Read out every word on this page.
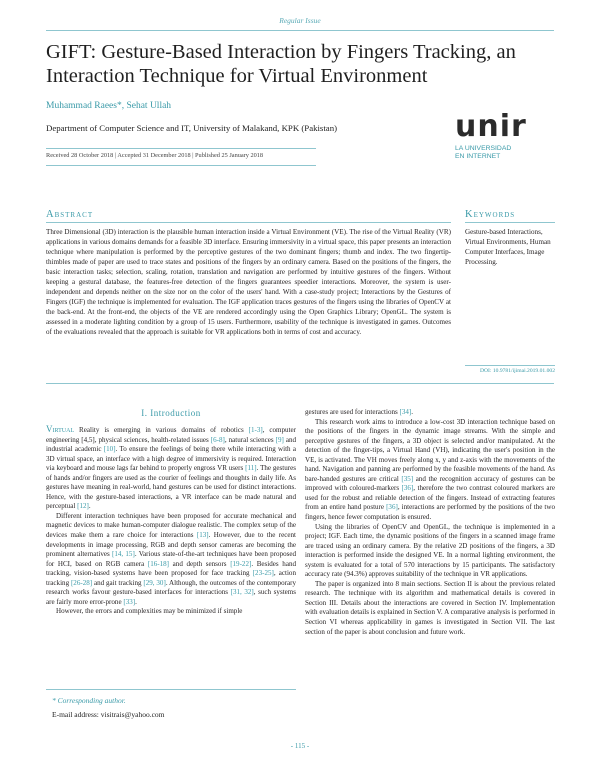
Regular Issue
GIFT: Gesture-Based Interaction by Fingers Tracking, an Interaction Technique for Virtual Environment
Muhammad Raees*, Sehat Ullah
Department of Computer Science and IT, University of Malakand, KPK (Pakistan)
Received 28 October 2018 | Accepted 31 December 2018 | Published 25 January 2018
unir
LA UNIVERSIDAD
EN INTERNET
Abstract
Three Dimensional (3D) interaction is the plausible human interaction inside a Virtual Environment (VE). The rise of the Virtual Reality (VR) applications in various domains demands for a feasible 3D interface. Ensuring immersivity in a virtual space, this paper presents an interaction technique where manipulation is performed by the perceptive gestures of the two dominant fingers; thumb and index. The two fingertip-thimbles made of paper are used to trace states and positions of the fingers by an ordinary camera. Based on the positions of the fingers, the basic interaction tasks; selection, scaling, rotation, translation and navigation are performed by intuitive gestures of the fingers. Without keeping a gestural database, the features-free detection of the fingers guarantees speedier interactions. Moreover, the system is user-independent and depends neither on the size nor on the color of the users' hand. With a case-study project; Interactions by the Gestures of Fingers (IGF) the technique is implemented for evaluation. The IGF application traces gestures of the fingers using the libraries of OpenCV at the back-end. At the front-end, the objects of the VE are rendered accordingly using the Open Graphics Library; OpenGL. The system is assessed in a moderate lighting condition by a group of 15 users. Furthermore, usability of the technique is investigated in games. Outcomes of the evaluations revealed that the approach is suitable for VR applications both in terms of cost and accuracy.
Keywords
Gesture-based Interactions, Virtual Environments, Human Computer Interfaces, Image Processing.
DOI: 10.9781/ijimai.2019.01.002
I. Introduction

Virtual Reality is emerging in various domains of robotics [1-3], computer engineering [4,5], physical sciences, health-related issues [6-8], natural sciences [9] and industrial academic [10]. To ensure the feelings of being there while interacting with a 3D virtual space, an interface with a high degree of immersivity is required. Interaction via keyboard and mouse lags far behind to properly engross VR users [11]. The gestures of hands and/or fingers are used as the courier of feelings and thoughts in daily life. As gestures have meaning in real-world, hand gestures can be used for distinct interactions. Hence, with the gesture-based interactions, a VR interface can be made natural and perceptual [12].

Different interaction techniques have been proposed for accurate mechanical and magnetic devices to make human-computer dialogue realistic. The complex setup of the devices make them a rare choice for interactions [13]. However, due to the recent developments in image processing, RGB and depth sensor cameras are becoming the prominent alternatives [14, 15]. Various state-of-the-art techniques have been proposed for HCI, based on RGB camera [16-18] and depth sensors [19-22]. Besides hand tracking, vision-based systems have been proposed for face tracking [23-25], action tracking [26-28] and gait tracking [29, 30]. Although, the outcomes of the contemporary research works favour gesture-based interfaces for interactions [31, 32], such systems are fairly more error-prone [33].

However, the errors and complexities may be minimized if simple

gestures are used for interactions [34].

This research work aims to introduce a low-cost 3D interaction technique based on the positions of the fingers in the dynamic image streams. With the simple and perceptive gestures of the fingers, a 3D object is selected and/or manipulated. At the detection of the finger-tips, a Virtual Hand (VH), indicating the user's position in the VE, is activated. The VH moves freely along x, y and z-axis with the movements of the hand. Navigation and panning are performed by the feasible movements of the hand. As bare-handed gestures are critical [35] and the recognition accuracy of gestures can be improved with coloured-markers [36], therefore the two contrast coloured markers are used for the robust and reliable detection of the fingers. Instead of extracting features from an entire hand posture [36], interactions are performed by the positions of the two fingers, hence fewer computation is ensured.

Using the libraries of OpenCV and OpenGL, the technique is implemented in a project; IGF. Each time, the dynamic positions of the fingers in a scanned image frame are traced using an ordinary camera. By the relative 2D positions of the fingers, a 3D interaction is performed inside the designed VE. In a normal lighting environment, the system is evaluated for a total of 570 interactions by 15 participants. The satisfactory accuracy rate (94.3%) approves suitability of the technique in VR applications.

The paper is organized into 8 main sections. Section II is about the previous related research. The technique with its algorithm and mathematical details is covered in Section III. Details about the interactions are covered in Section IV. Implementation with evaluation details is explained in Section V. A comparative analysis is performed in Section VI whereas applicability in games is investigated in Section VII. The last section of the paper is about conclusion and future work.

* Corresponding author.
E-mail address: visitrais@yahoo.com
- 115 -
